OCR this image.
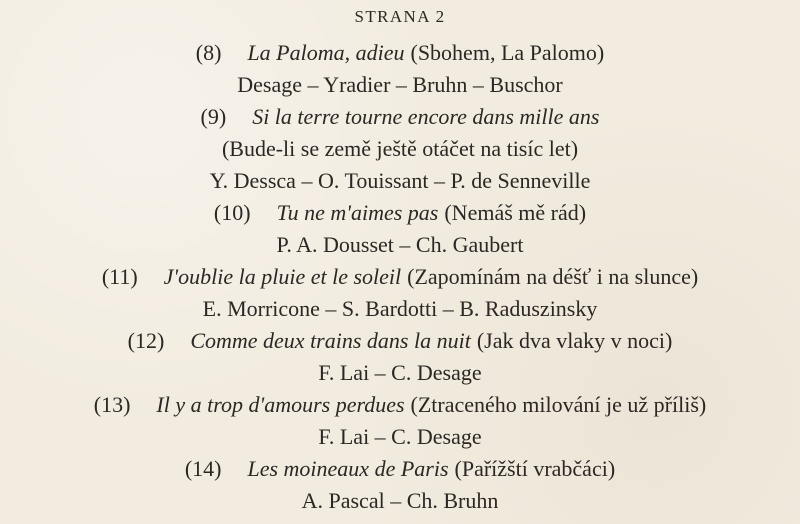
STRANA 2
(8) La Paloma, adieu (Sbohem, La Palomo)
Desage – Yradier – Bruhn – Buschor
(9) Si la terre tourne encore dans mille ans
(Bude-li se země ještě otáčet na tisíc let)
Y. Dessca – O. Touissant – P. de Senneville
(10) Tu ne m'aimes pas (Nemáš mě rád)
P. A. Dousset – Ch. Gaubert
(11) J'oublie la pluie et le soleil (Zapomínám na déšť i na slunce)
E. Morricone – S. Bardotti – B. Raduszinsky
(12) Comme deux trains dans la nuit (Jak dva vlaky v noci)
F. Lai – C. Desage
(13) Il y a trop d'amours perdues (Ztraceného milování je už příliš)
F. Lai – C. Desage
(14) Les moineaux de Paris (Pařížští vrabčáci)
A. Pascal – Ch. Bruhn
